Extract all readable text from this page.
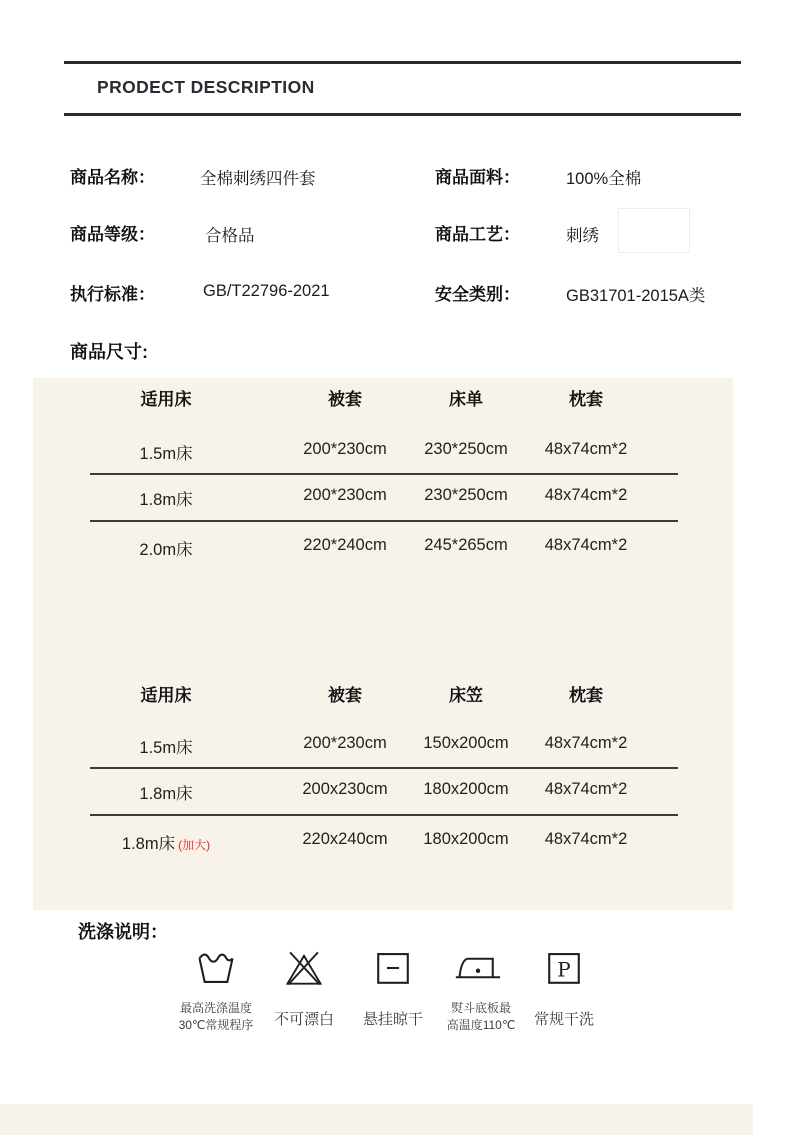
PRODECT DESCRIPTION
商品名称：	全棉刺绣四件套	商品面料：	100%全棉
商品等级：	合格品	商品工艺：	刺绣
执行标准：	GB/T22796-2021	安全类别：	GB31701-2015A类
商品尺寸:
适用床	被套	床单	枕套
1.5m床	200*230cm	230*250cm	48x74cm*2
1.8m床	200*230cm	230*250cm	48x74cm*2
2.0m床	220*240cm	245*265cm	48x74cm*2
适用床	被套	床笠	枕套
1.5m床	200*230cm	150x200cm	48x74cm*2
1.8m床	200x230cm	180x200cm	48x74cm*2
1.8m床 (加大)	220x240cm	180x200cm	48x74cm*2
洗涤说明：
P
最高洗涤温度
30℃常规程序	不可漂白	悬挂晾干
熨斗底板最
高温度110℃	常规干洗
